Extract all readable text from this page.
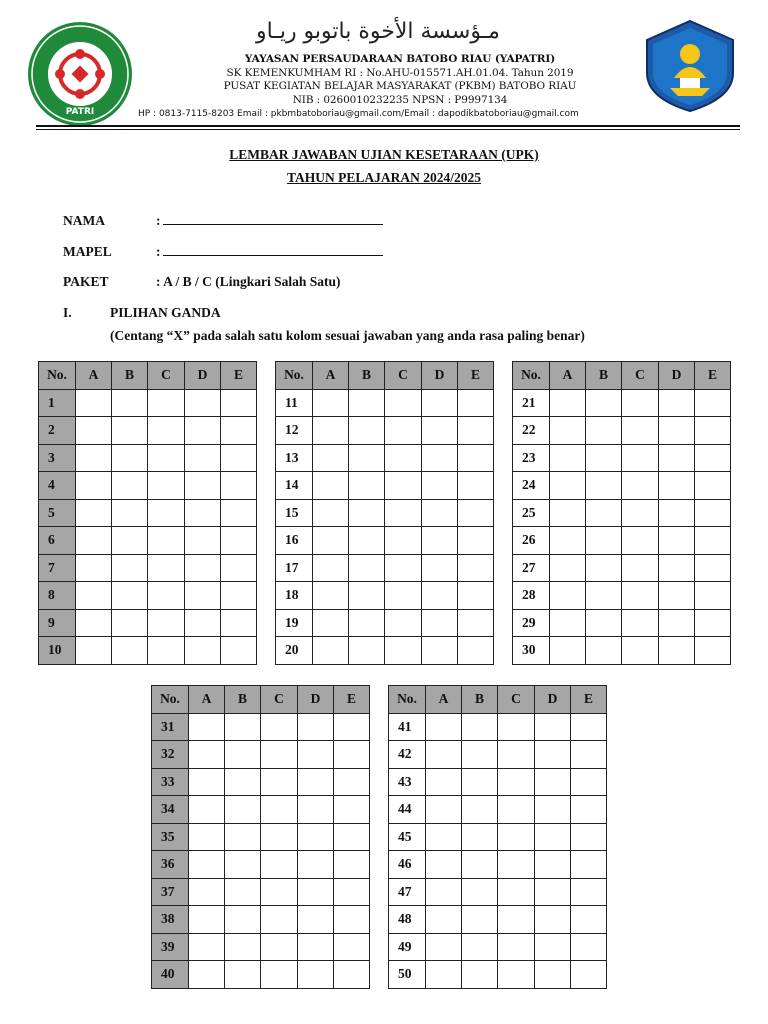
PATRI
مـؤسسة الأخوة باتوبو ريـاو
YAYASAN PERSAUDARAAN BATOBO RIAU (YAPATRI)
SK KEMENKUMHAM RI : No.AHU-015571.AH.01.04. Tahun 2019
PUSAT KEGIATAN BELAJAR MASYARAKAT (PKBM) BATOBO RIAU
NIB : 0260010232235 NPSN : P9997134
HP : 0813-7115-8203 Email : pkbmbatoboriau@gmail.com/Email : dapodikbatoboriau@gmail.com
LEMBAR JAWABAN UJIAN KESETARAAN (UPK)
TAHUN PELAJARAN 2024/2025
NAMA	:
MAPEL	:
PAKET	: A / B / C (Lingkari Salah Satu)
I.	PILIHAN GANDA
(Centang “X” pada salah satu kolom sesuai jawaban yang anda rasa paling benar)
No.	A	B	C	D	E
1					
2					
3					
4					
5					
6					
7					
8					
9					
10					
No.	A	B	C	D	E
11					
12					
13					
14					
15					
16					
17					
18					
19					
20					
No.	A	B	C	D	E
21					
22					
23					
24					
25					
26					
27					
28					
29					
30					
No.	A	B	C	D	E
31					
32					
33					
34					
35					
36					
37					
38					
39					
40					
No.	A	B	C	D	E
41					
42					
43					
44					
45					
46					
47					
48					
49					
50					
